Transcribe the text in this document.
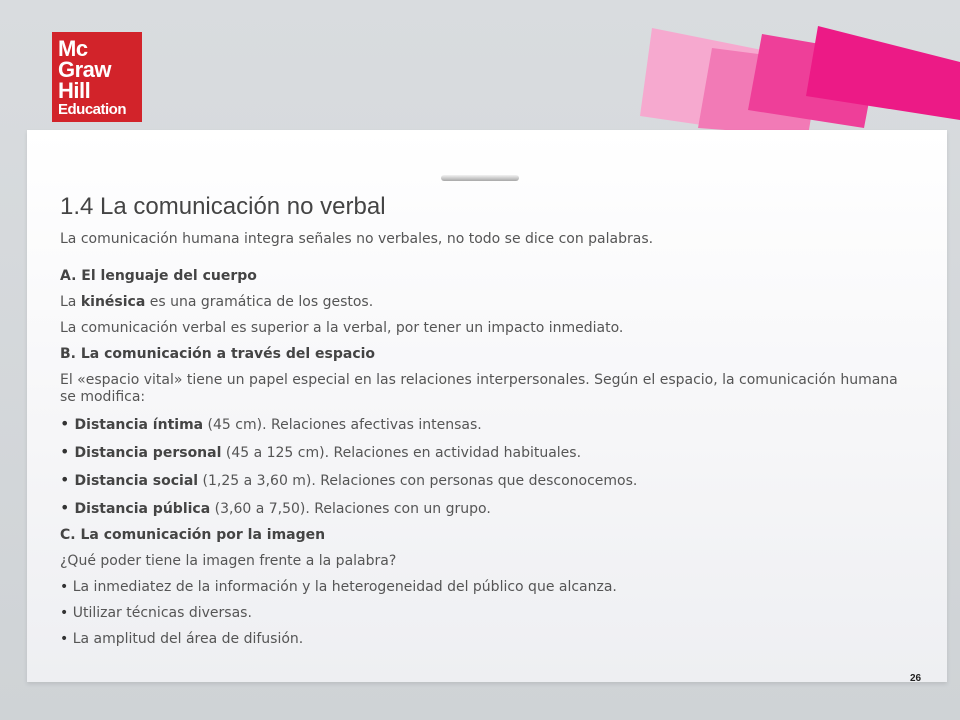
Mc
Graw
Hill
Education
1.4 La comunicación no verbal

La comunicación humana integra señales no verbales, no todo se dice con palabras.

A. El lenguaje del cuerpo

La kinésica es una gramática de los gestos.

La comunicación verbal es superior a la verbal, por tener un impacto inmediato.

B. La comunicación a través del espacio

El «espacio vital» tiene un papel especial en las relaciones interpersonales. Según el espacio, la comunicación humana se modifica:

• Distancia íntima (45 cm). Relaciones afectivas intensas.

• Distancia personal (45 a 125 cm). Relaciones en actividad habituales.

• Distancia social (1,25 a 3,60 m). Relaciones con personas que desconocemos.

• Distancia pública (3,60 a 7,50). Relaciones con un grupo.

C. La comunicación por la imagen

¿Qué poder tiene la imagen frente a la palabra?

• La inmediatez de la información y la heterogeneidad del público que alcanza.

• Utilizar técnicas diversas.

• La amplitud del área de difusión.

26
